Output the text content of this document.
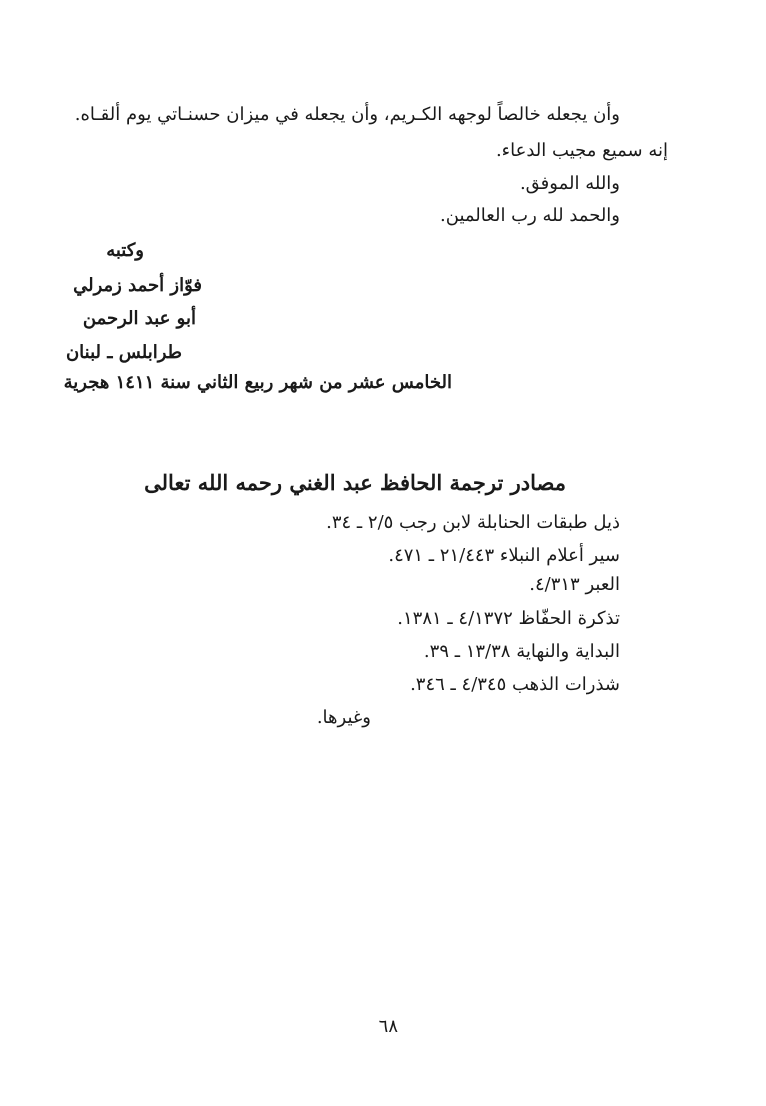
وأن يجعله خالصاً لوجهه الكـريم، وأن يجعله في ميزان حسنـاتي يوم ألقـاه.

إنه سميع مجيب الدعاء.

والله الموفق.

والحمد لله رب العالمين.

وكتبه

فوّاز أحمد زمرلي

أبو عبد الرحمن

طرابلس ـ لبنان

الخامس عشر من شهر ربيع الثاني سنة ١٤١١ هجرية

مصادر ترجمة الحافظ عبد الغني رحمه الله تعالى

ذيل طبقات الحنابلة لابن رجب ٢/٥ ـ ٣٤.

سير أعلام النبلاء ٢١/٤٤٣ ـ ٤٧١.

العبر ٤/٣١٣.

تذكرة الحفّاظ ٤/١٣٧٢ ـ ١٣٨١.

البداية والنهاية ١٣/٣٨ ـ ٣٩.

شذرات الذهب ٤/٣٤٥ ـ ٣٤٦.

وغيرها.

٦٨
